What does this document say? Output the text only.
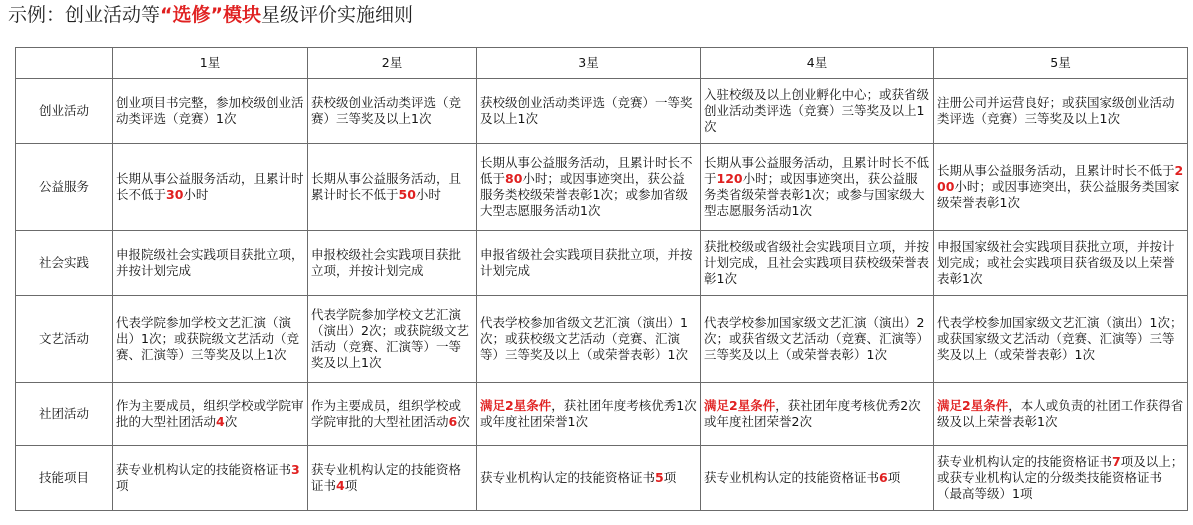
示例：创业活动等“选修”模块星级评价实施细则
	1星	2星	3星	4星	5星
创业活动	创业项目书完整，参加校级创业活动类评选（竞赛）1次	获校级创业活动类评选（竞赛）三等奖及以上1次	获校级创业活动类评选（竞赛）一等奖及以上1次	入驻校级及以上创业孵化中心；或获省级创业活动类评选（竞赛）三等奖及以上1次	注册公司并运营良好；或获国家级创业活动类评选（竞赛）三等奖及以上1次

公益服务	长期从事公益服务活动，且累计时长不低于30小时	长期从事公益服务活动，且累计时长不低于50小时	长期从事公益服务活动，且累计时长不低于80小时；或因事迹突出，获公益服务类校级荣誉表彰1次；或参加省级大型志愿服务活动1次	长期从事公益服务活动，且累计时长不低于120小时；或因事迹突出，获公益服务类省级荣誉表彰1次；或参与国家级大型志愿服务活动1次	长期从事公益服务活动，且累计时长不低于200小时；或因事迹突出，获公益服务类国家级荣誉表彰1次

社会实践	申报院级社会实践项目获批立项，并按计划完成	申报校级社会实践项目获批立项，并按计划完成	申报省级社会实践项目获批立项，并按计划完成	获批校级或省级社会实践项目立项，并按计划完成，且社会实践项目获校级荣誉表彰1次	申报国家级社会实践项目获批立项，并按计划完成；或社会实践项目获省级及以上荣誉表彰1次

文艺活动	代表学院参加学校文艺汇演（演出）1次；或获院级文艺活动（竞赛、汇演等）三等奖及以上1次	代表学院参加学校文艺汇演（演出）2次；或获院级文艺活动（竞赛、汇演等）一等奖及以上1次	代表学校参加省级文艺汇演（演出）1次；或获校级文艺活动（竞赛、汇演等）三等奖及以上（或荣誉表彰）1次	代表学校参加国家级文艺汇演（演出）2次；或获省级文艺活动（竞赛、汇演等）三等奖及以上（或荣誉表彰）1次	代表学校参加国家级文艺汇演（演出）1次；或获国家级文艺活动（竞赛、汇演等）三等奖及以上（或荣誉表彰）1次

社团活动	作为主要成员，组织学校或学院审批的大型社团活动4次	作为主要成员，组织学校或学院审批的大型社团活动6次	满足2星条件，获社团年度考核优秀1次或年度社团荣誉1次	满足2星条件，获社团年度考核优秀2次或年度社团荣誉2次	满足2星条件，本人或负责的社团工作获得省级及以上荣誉表彰1次

技能项目	获专业机构认定的技能资格证书3项	获专业机构认定的技能资格证书4项	获专业机构认定的技能资格证书5项	获专业机构认定的技能资格证书6项	获专业机构认定的技能资格证书7项及以上；或获专业机构认定的分级类技能资格证书（最高等级）1项
